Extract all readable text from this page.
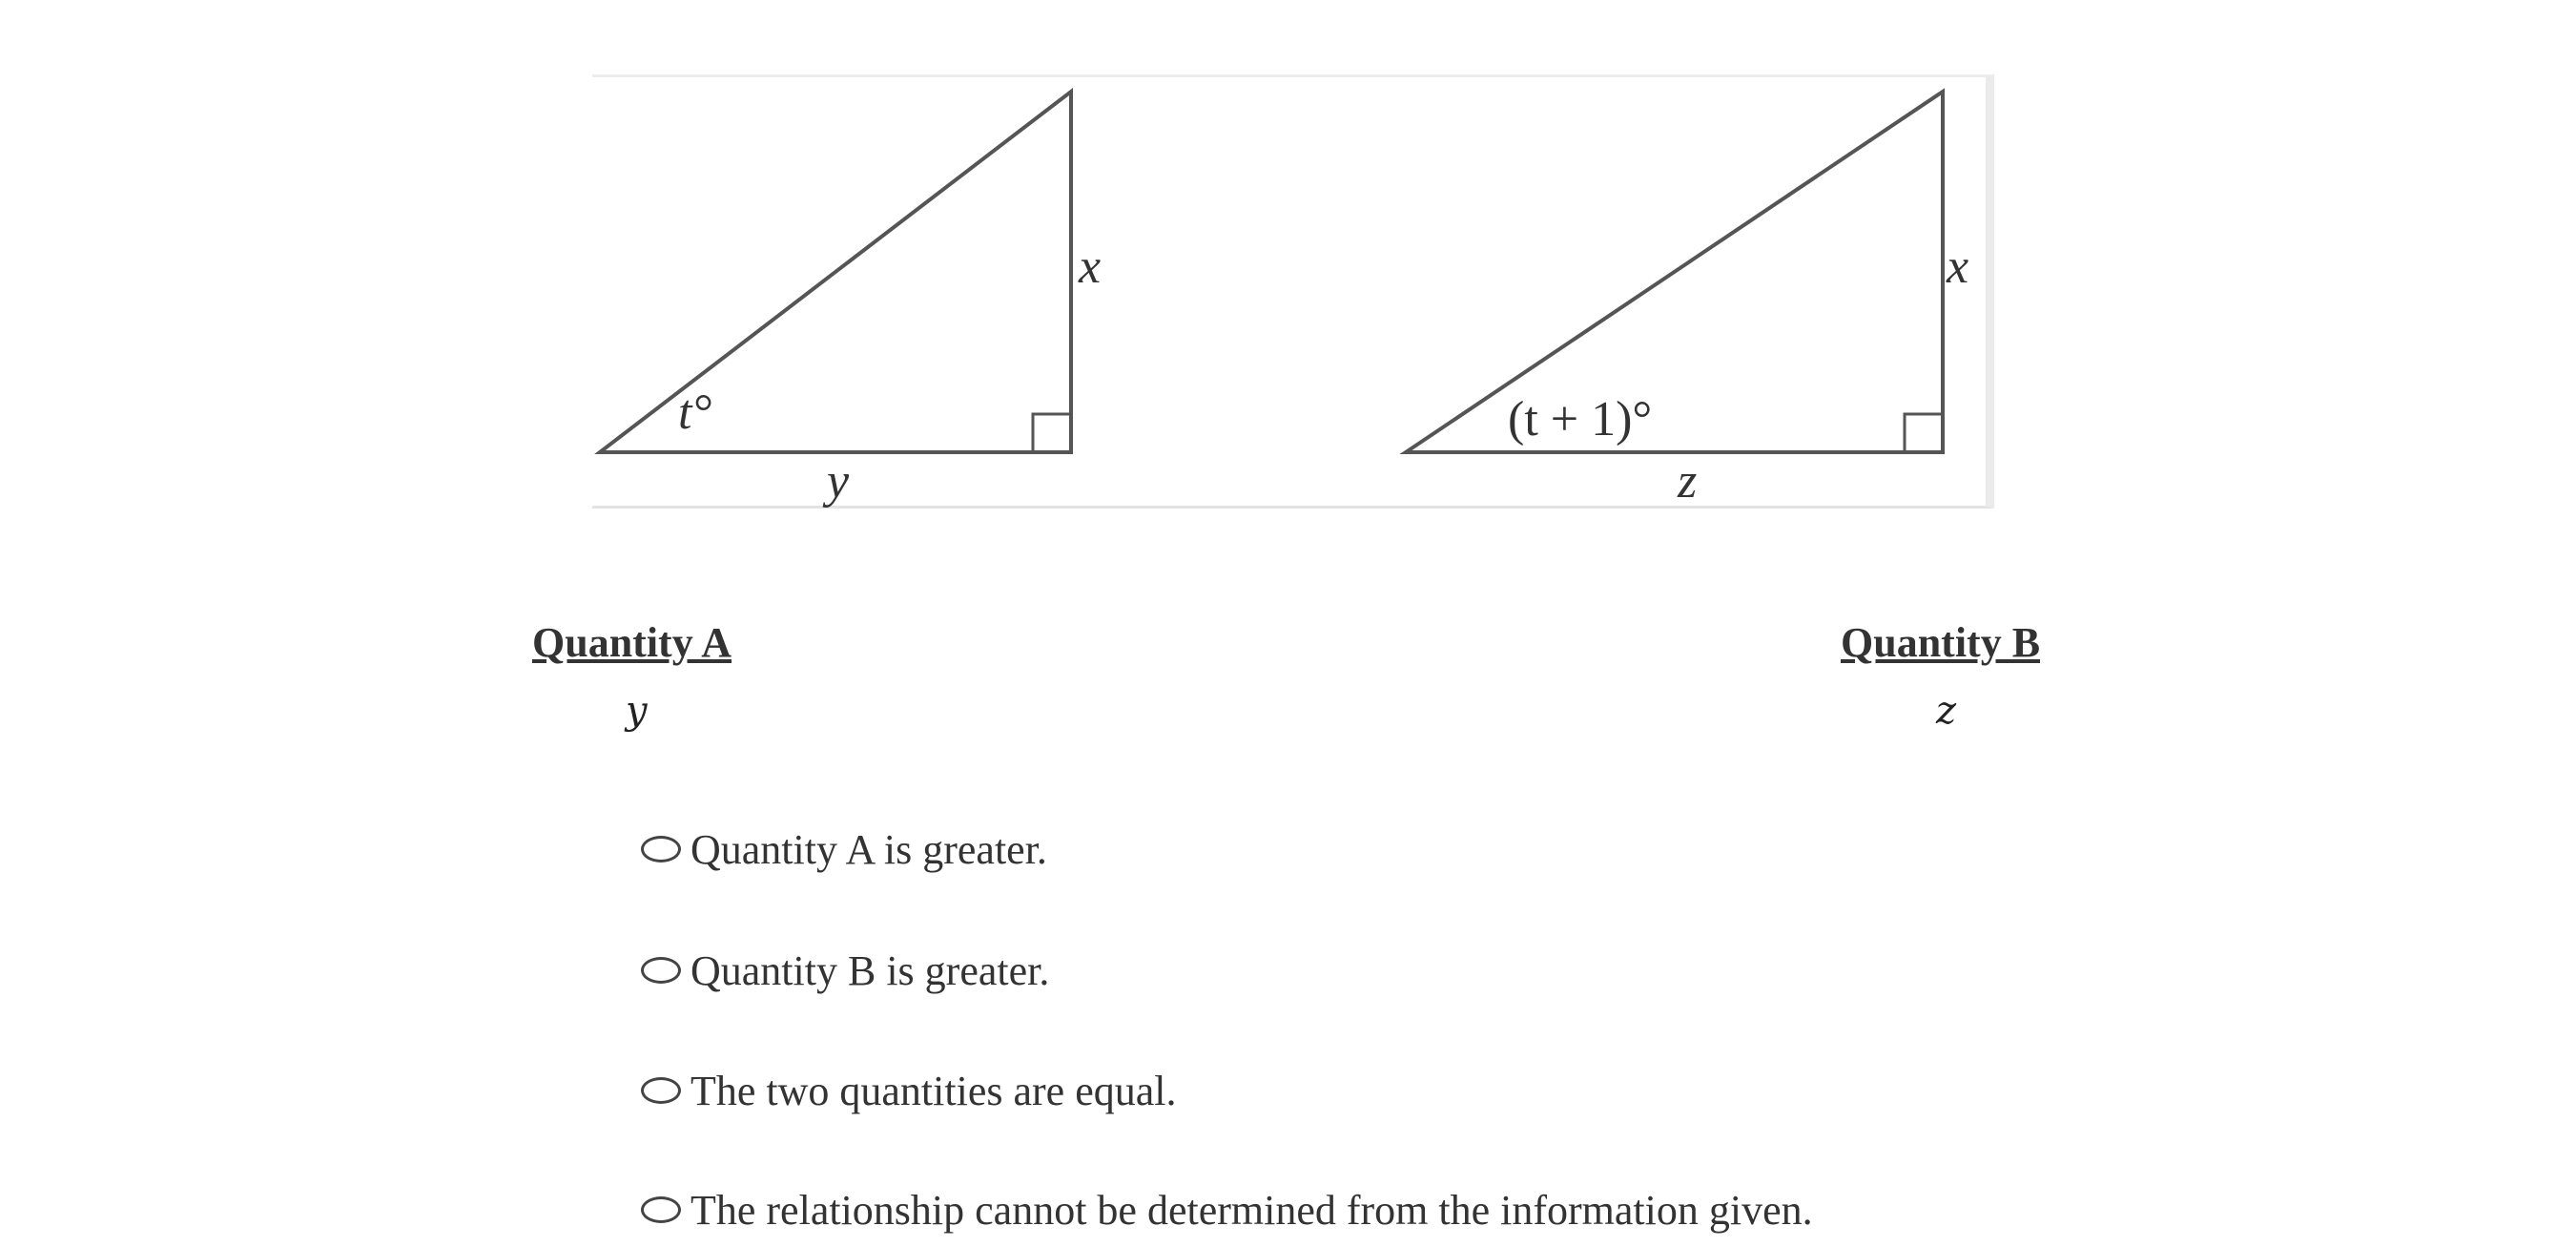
t°
x
y
(t + 1)°
x
z
Quantity A
y
Quantity B
z
Quantity A is greater.
Quantity B is greater.
The two quantities are equal.
The relationship cannot be determined from the information given.
